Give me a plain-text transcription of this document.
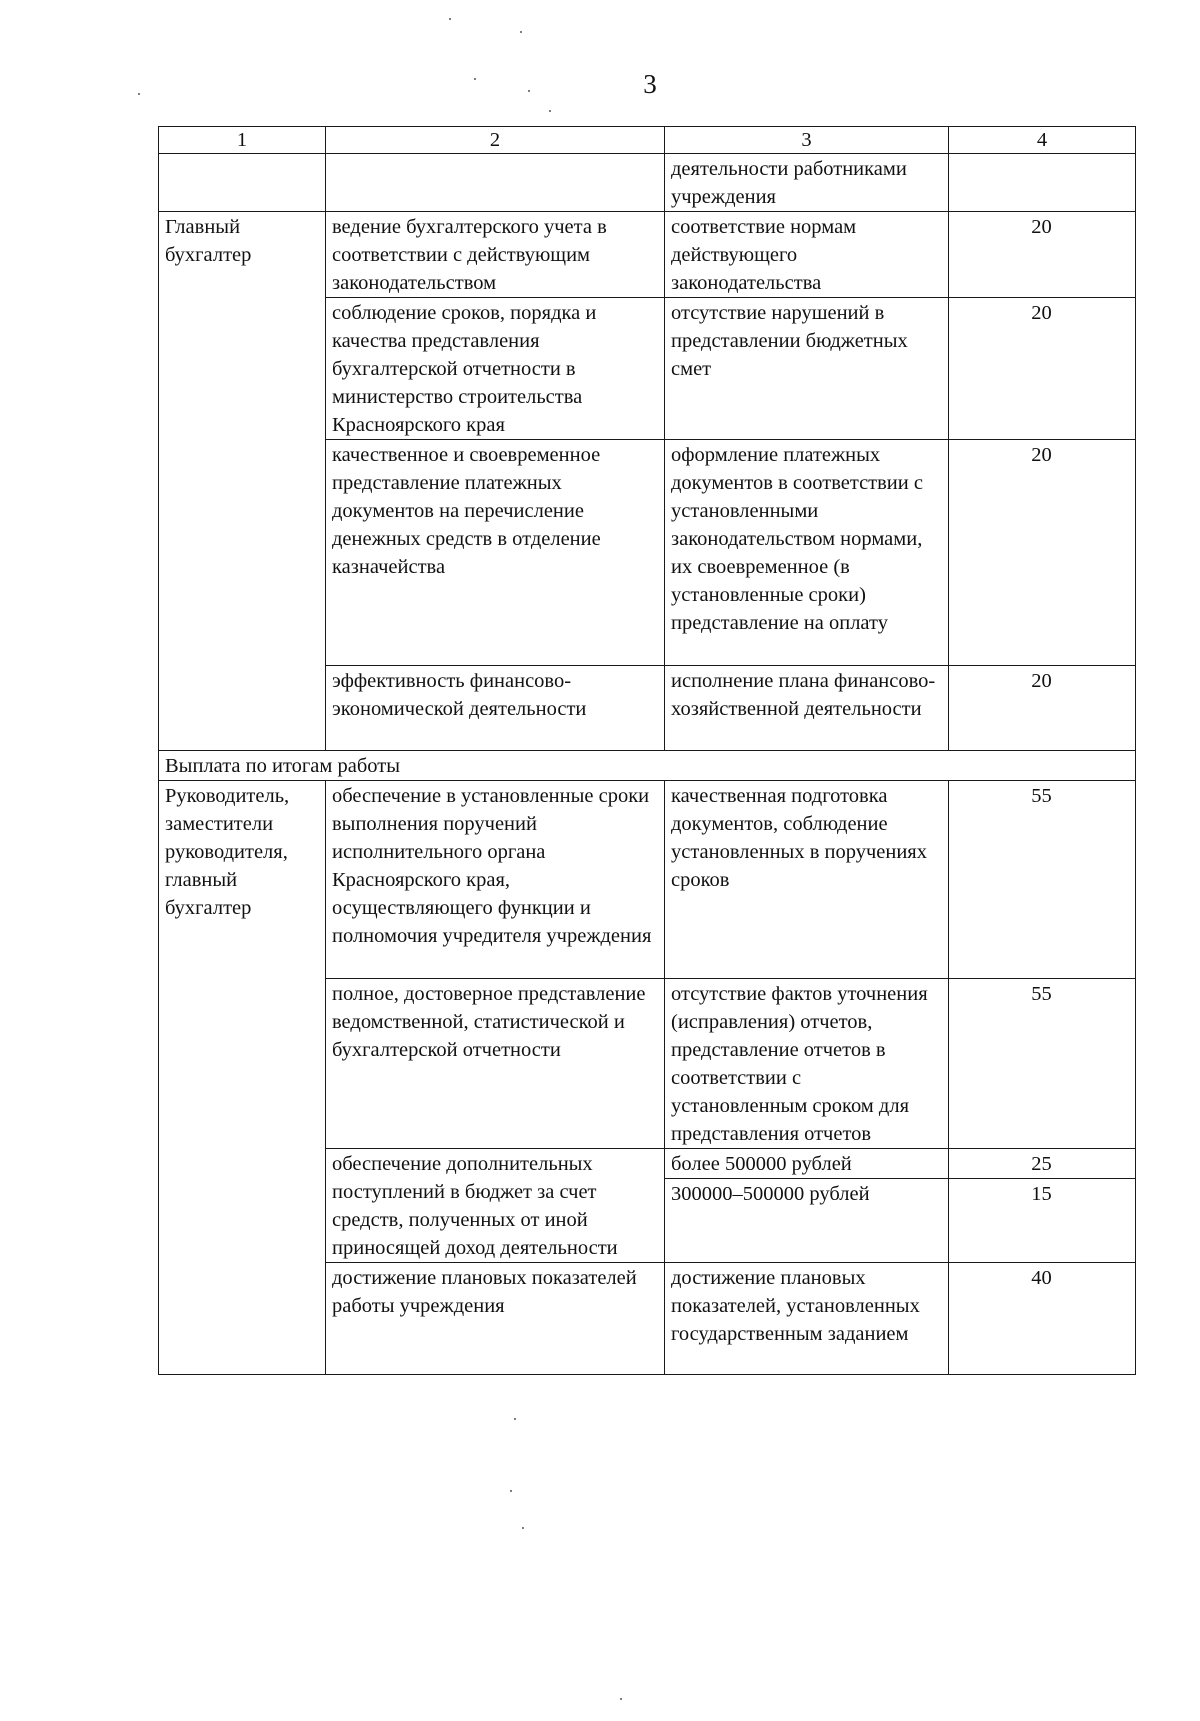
3
1	2	3	4
		деятельности работниками учреждения	
Главный бухгалтер	ведение бухгалтерского учета в соответствии с действующим законодательством	соответствие нормам действующего законодательства	20
	соблюдение сроков, порядка и качества представления бухгалтерской отчетности в министерство строительства Красноярского края	отсутствие нарушений в представлении бюджетных смет	20
	качественное и своевременное представление платежных документов на перечисление денежных средств в отделение казначейства	оформление платежных документов в соответствии с установленными законодательством нормами, их своевременное (в установленные сроки) представление на оплату	20
	эффективность финансово-экономической деятельности	исполнение плана финансово-хозяйственной деятельности	20
Выплата по итогам работы			
Руководитель, заместители руководителя, главный бухгалтер	обеспечение в установленные сроки выполнения поручений исполнительного органа Красноярского края, осуществляющего функции и полномочия учредителя учреждения	качественная подготовка документов, соблюдение установленных в поручениях сроков	55
	полное, достоверное представление ведомственной, статистической и бухгалтерской отчетности	отсутствие фактов уточнения (исправления) отчетов, представление отчетов в соответствии с установленным сроком для представления отчетов	55
	обеспечение дополнительных поступлений в бюджет за счет средств, полученных от иной приносящей доход деятельности	более 500000 рублей	25
		300000–500000 рублей	15
	достижение плановых показателей работы учреждения	достижение плановых показателей, установленных государственным заданием	40
